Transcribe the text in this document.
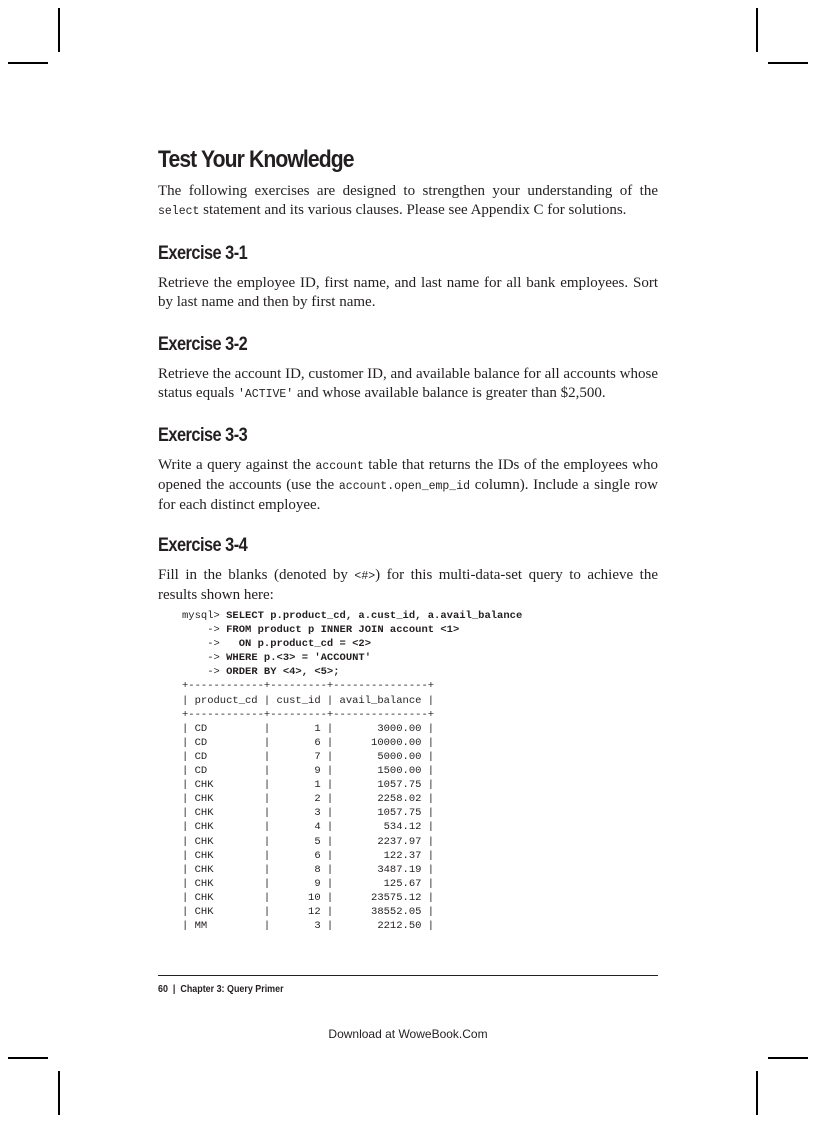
Test Your Knowledge

The following exercises are designed to strengthen your understanding of the select statement and its various clauses. Please see Appendix C for solutions.

Exercise 3-1

Retrieve the employee ID, first name, and last name for all bank employees. Sort by last name and then by first name.

Exercise 3-2

Retrieve the account ID, customer ID, and available balance for all accounts whose status equals 'ACTIVE' and whose available balance is greater than $2,500.

Exercise 3-3

Write a query against the account table that returns the IDs of the employees who opened the accounts (use the account.open_emp_id column). Include a single row for each distinct employee.

Exercise 3-4

Fill in the blanks (denoted by <#>) for this multi-data-set query to achieve the results shown here:

mysql> SELECT p.product_cd, a.cust_id, a.avail_balance
-> FROM product p INNER JOIN account <1>
->   ON p.product_cd = <2>
-> WHERE p.<3> = 'ACCOUNT'
-> ORDER BY <4>, <5>;
+------------+---------+---------------+
| product_cd | cust_id | avail_balance |
+------------+---------+---------------+
| CD         |       1 |       3000.00 |
| CD         |       6 |      10000.00 |
| CD         |       7 |       5000.00 |
| CD         |       9 |       1500.00 |
| CHK        |       1 |       1057.75 |
| CHK        |       2 |       2258.02 |
| CHK        |       3 |       1057.75 |
| CHK        |       4 |        534.12 |
| CHK        |       5 |       2237.97 |
| CHK        |       6 |        122.37 |
| CHK        |       8 |       3487.19 |
| CHK        |       9 |        125.67 |
| CHK        |      10 |      23575.12 |
| CHK        |      12 |      38552.05 |
| MM         |       3 |       2212.50 |
60 | Chapter 3: Query Primer
Download at WoweBook.Com
